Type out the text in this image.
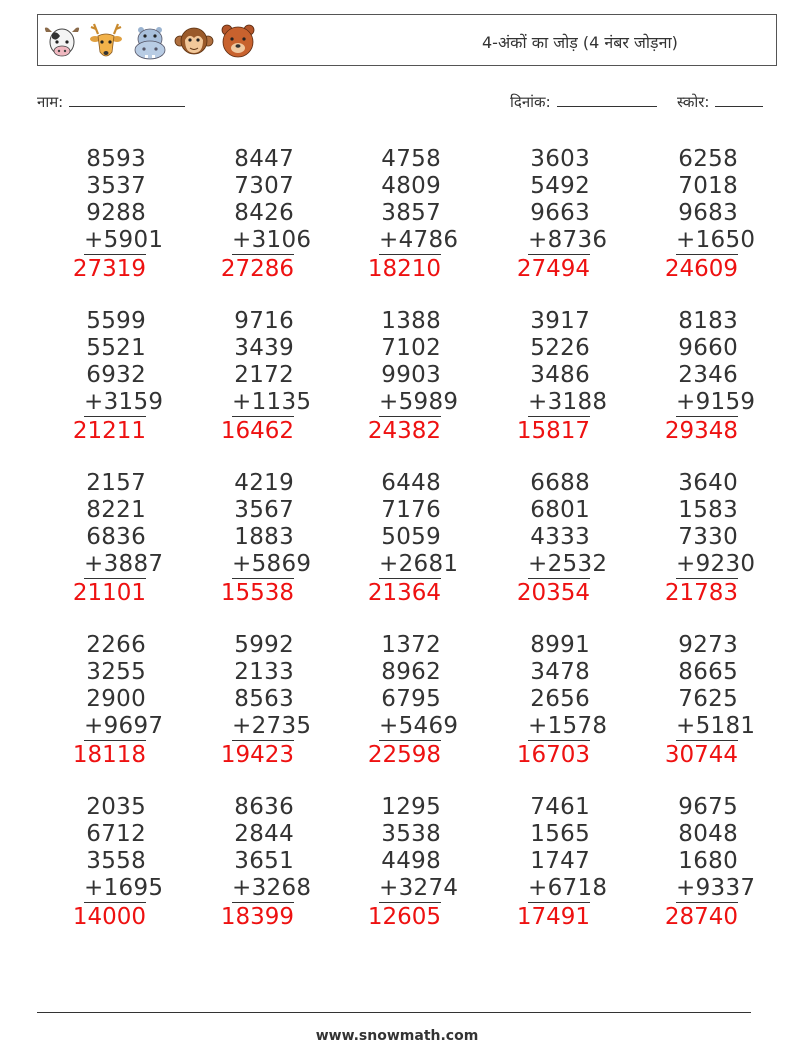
4-अंकों का जोड़ (4 नंबर जोड़ना)
नाम:	दिनांक:	स्कोर:
8593
3537
9288
+5901
27319
8447
7307
8426
+3106
27286
4758
4809
3857
+4786
18210
3603
5492
9663
+8736
27494
6258
7018
9683
+1650
24609
5599
5521
6932
+3159
21211
9716
3439
2172
+1135
16462
1388
7102
9903
+5989
24382
3917
5226
3486
+3188
15817
8183
9660
2346
+9159
29348
2157
8221
6836
+3887
21101
4219
3567
1883
+5869
15538
6448
7176
5059
+2681
21364
6688
6801
4333
+2532
20354
3640
1583
7330
+9230
21783
2266
3255
2900
+9697
18118
5992
2133
8563
+2735
19423
1372
8962
6795
+5469
22598
8991
3478
2656
+1578
16703
9273
8665
7625
+5181
30744
2035
6712
3558
+1695
14000
8636
2844
3651
+3268
18399
1295
3538
4498
+3274
12605
7461
1565
1747
+6718
17491
9675
8048
1680
+9337
28740
www.snowmath.com
